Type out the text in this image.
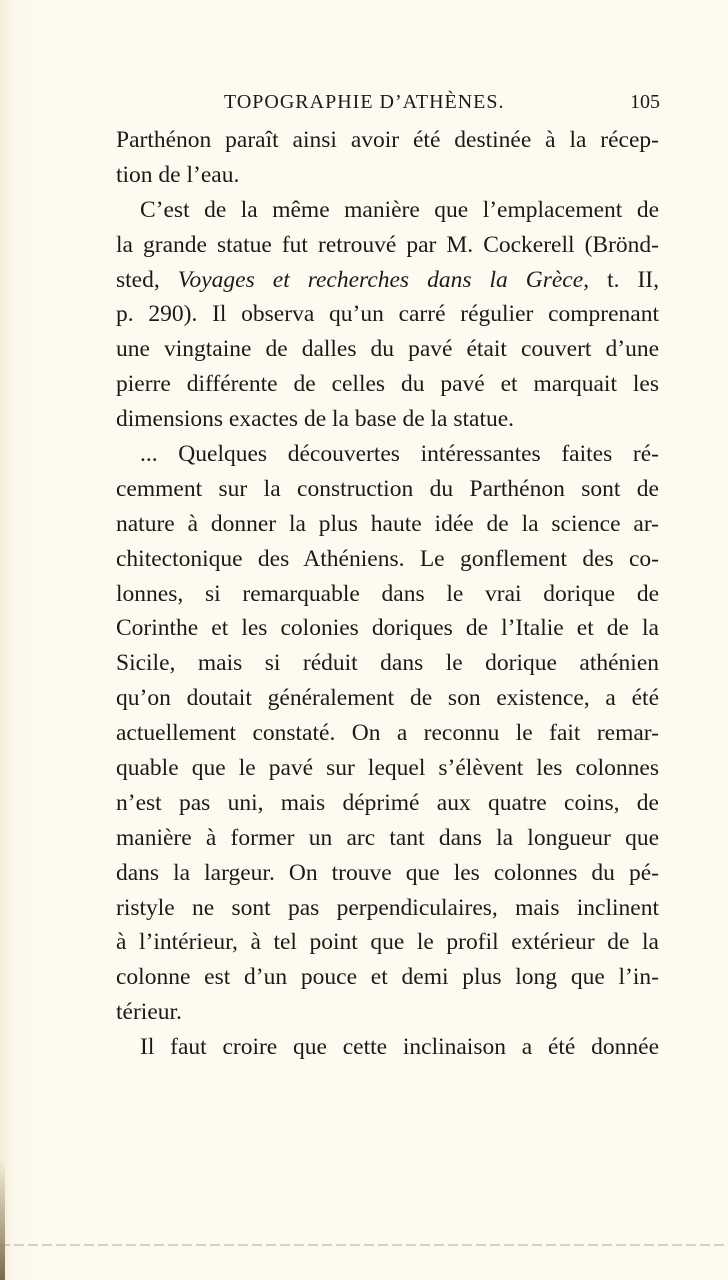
TOPOGRAPHIE D’ATHÈNES.	105
Parthénon paraît ainsi avoir été destinée à la récep-
tion de l’eau.
C’est de la même manière que l’emplacement de
la grande statue fut retrouvé par M. Cockerell (Brönd-
sted, Voyages et recherches dans la Grèce, t. II,
p. 290). Il observa qu’un carré régulier comprenant
une vingtaine de dalles du pavé était couvert d’une
pierre différente de celles du pavé et marquait les
dimensions exactes de la base de la statue.
... Quelques découvertes intéressantes faites ré-
cemment sur la construction du Parthénon sont de
nature à donner la plus haute idée de la science ar-
chitectonique des Athéniens. Le gonflement des co-
lonnes, si remarquable dans le vrai dorique de
Corinthe et les colonies doriques de l’Italie et de la
Sicile, mais si réduit dans le dorique athénien
qu’on doutait généralement de son existence, a été
actuellement constaté. On a reconnu le fait remar-
quable que le pavé sur lequel s’élèvent les colonnes
n’est pas uni, mais déprimé aux quatre coins, de
manière à former un arc tant dans la longueur que
dans la largeur. On trouve que les colonnes du pé-
ristyle ne sont pas perpendiculaires, mais inclinent
à l’intérieur, à tel point que le profil extérieur de la
colonne est d’un pouce et demi plus long que l’in-
térieur.
Il faut croire que cette inclinaison a été donnée
